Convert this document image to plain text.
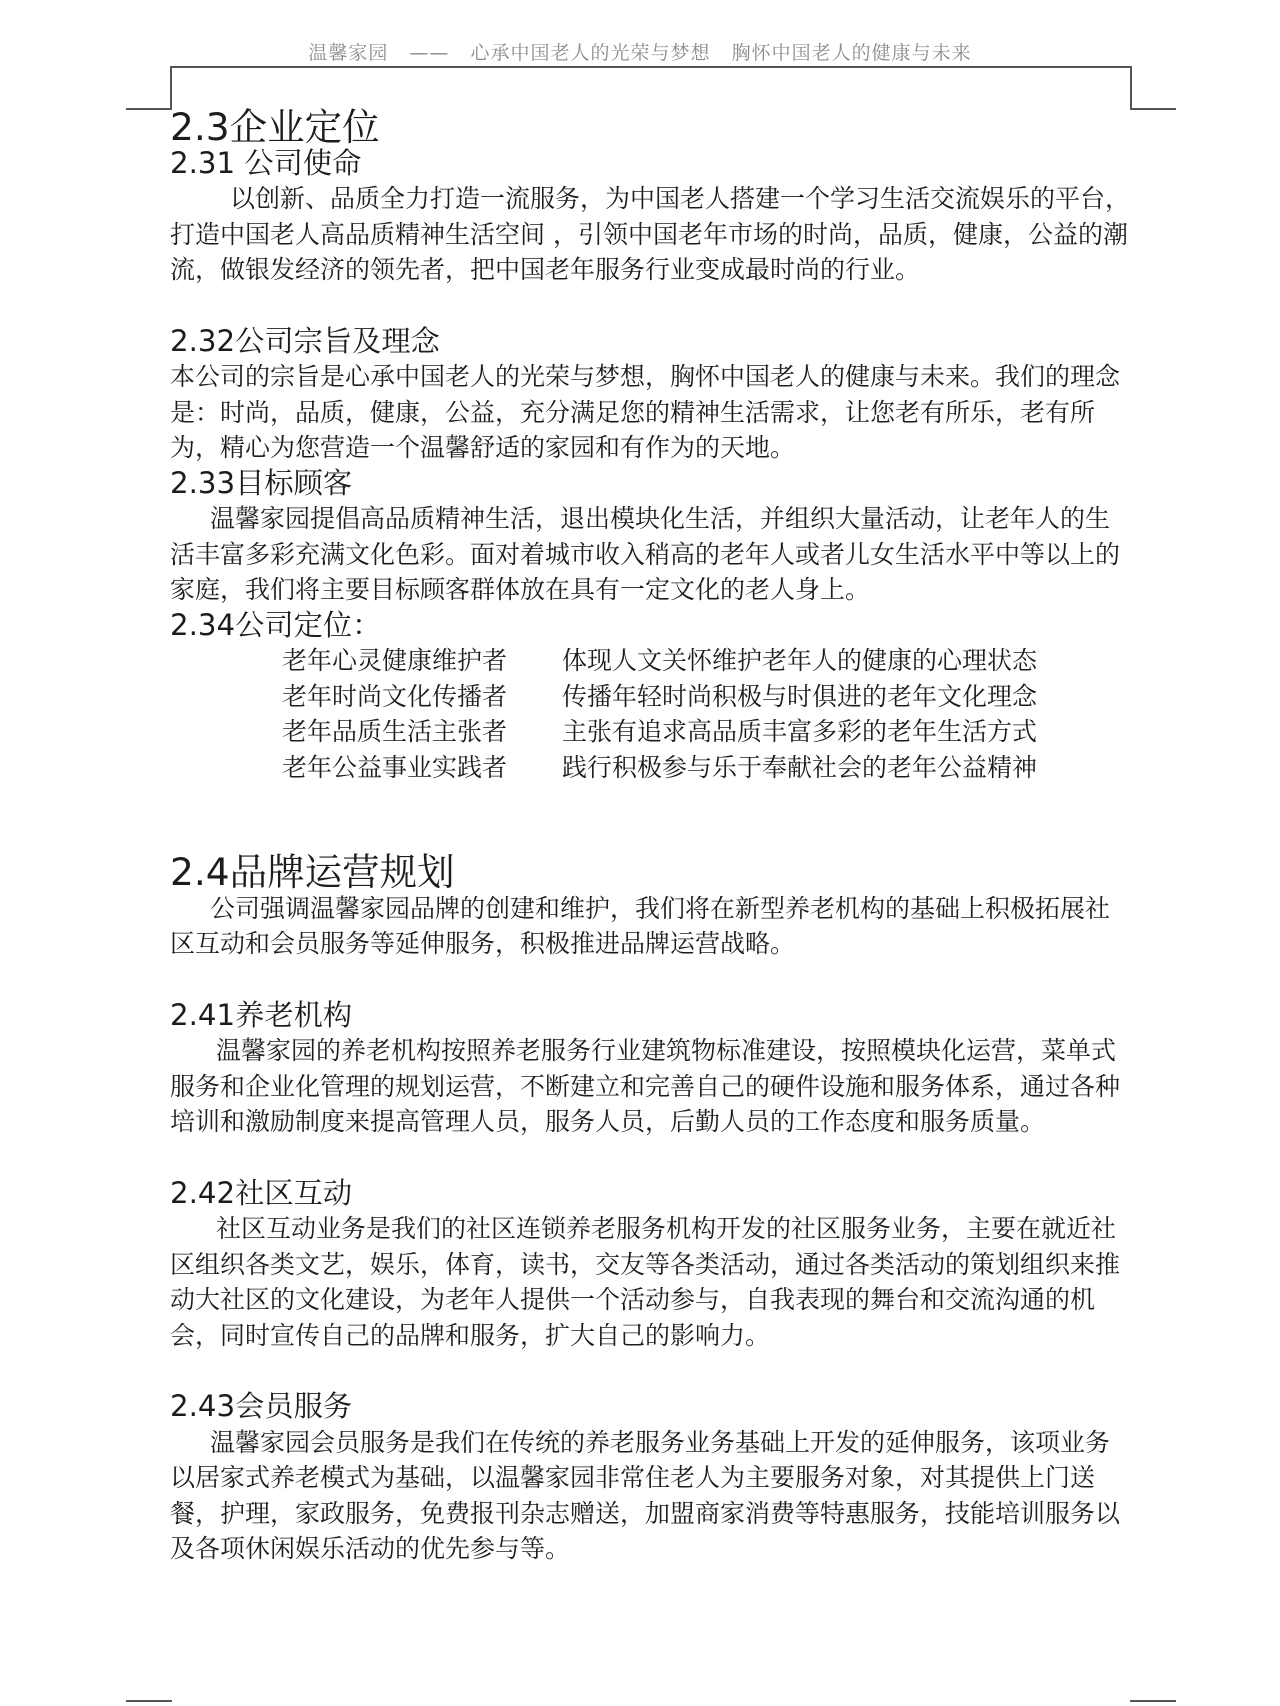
温馨家园   ——   心承中国老人的光荣与梦想   胸怀中国老人的健康与未来
2.3企业定位
2.31 公司使命

以创新、品质全力打造一流服务，为中国老人搭建一个学习生活交流娱乐的平台，打造中国老人高品质精神生活空间 ，引领中国老年市场的时尚，品质，健康，公益的潮流，做银发经济的领先者，把中国老年服务行业变成最时尚的行业。

2.32公司宗旨及理念

本公司的宗旨是心承中国老人的光荣与梦想，胸怀中国老人的健康与未来。我们的理念是：时尚，品质，健康，公益，充分满足您的精神生活需求，让您老有所乐，老有所为，精心为您营造一个温馨舒适的家园和有作为的天地。

2.33目标顾客

温馨家园提倡高品质精神生活，退出模块化生活，并组织大量活动，让老年人的生活丰富多彩充满文化色彩。面对着城市收入稍高的老年人或者儿女生活水平中等以上的家庭，我们将主要目标顾客群体放在具有一定文化的老人身上。

2.34公司定位：
老年心灵健康维护者	体现人文关怀维护老年人的健康的心理状态
老年时尚文化传播者	传播年轻时尚积极与时俱进的老年文化理念
老年品质生活主张者	主张有追求高品质丰富多彩的老年生活方式
老年公益事业实践者	践行积极参与乐于奉献社会的老年公益精神
2.4品牌运营规划

公司强调温馨家园品牌的创建和维护，我们将在新型养老机构的基础上积极拓展社区互动和会员服务等延伸服务，积极推进品牌运营战略。

2.41养老机构

温馨家园的养老机构按照养老服务行业建筑物标准建设，按照模块化运营，菜单式服务和企业化管理的规划运营，不断建立和完善自己的硬件设施和服务体系，通过各种培训和激励制度来提高管理人员，服务人员，后勤人员的工作态度和服务质量。

2.42社区互动

社区互动业务是我们的社区连锁养老服务机构开发的社区服务业务，主要在就近社区组织各类文艺，娱乐，体育，读书，交友等各类活动，通过各类活动的策划组织来推动大社区的文化建设，为老年人提供一个活动参与，自我表现的舞台和交流沟通的机会，同时宣传自己的品牌和服务，扩大自己的影响力。

2.43会员服务

温馨家园会员服务是我们在传统的养老服务业务基础上开发的延伸服务，该项业务以居家式养老模式为基础，以温馨家园非常住老人为主要服务对象，对其提供上门送餐，护理，家政服务，免费报刊杂志赠送，加盟商家消费等特惠服务，技能培训服务以及各项休闲娱乐活动的优先参与等。
